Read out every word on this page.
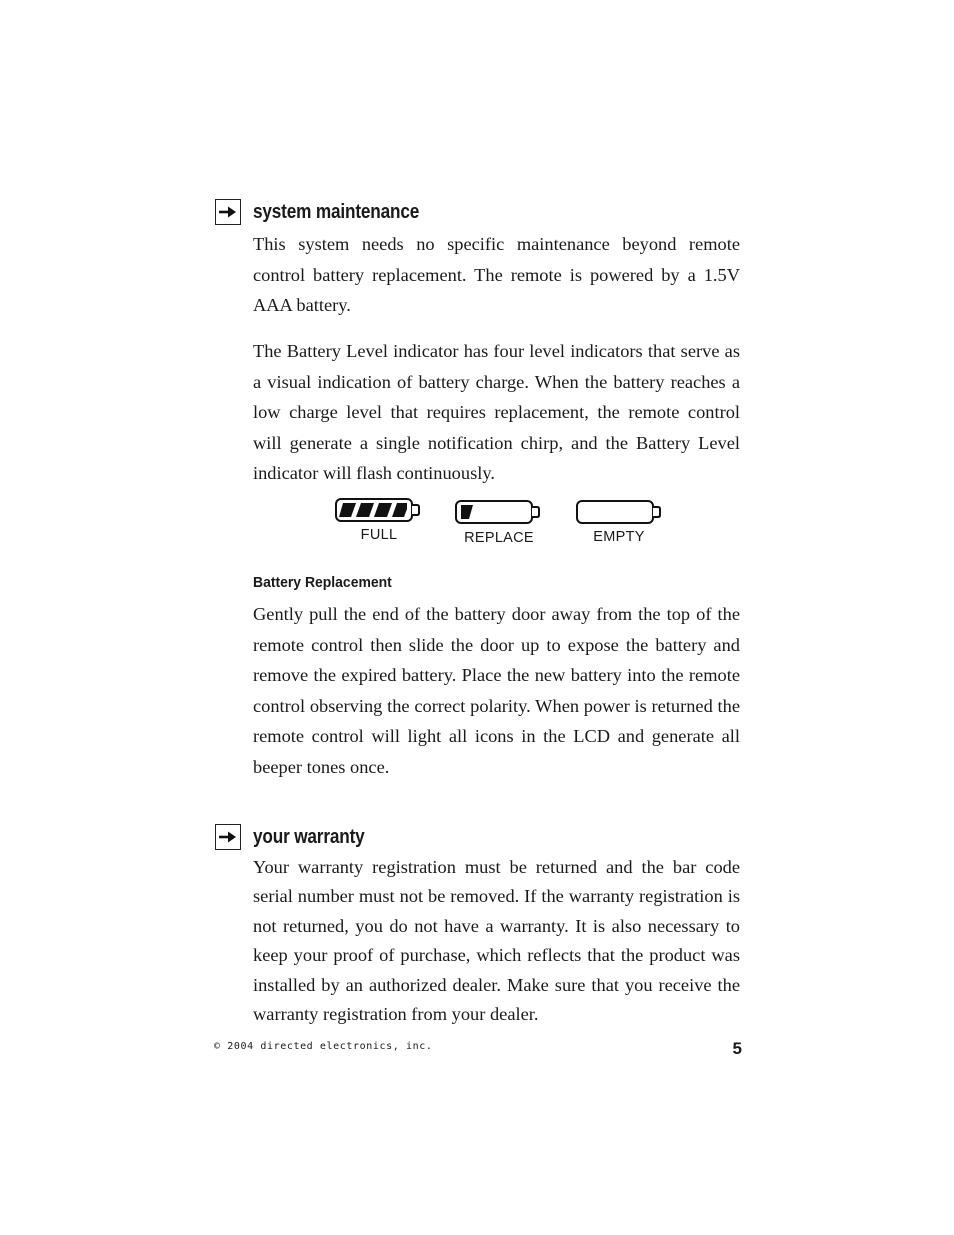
system maintenance

This system needs no specific maintenance beyond remote control battery replacement. The remote is powered by a 1.5V AAA battery.

The Battery Level indicator has four level indicators that serve as a visual indication of battery charge. When the battery reaches a low charge level that requires replacement, the remote control will generate a single notification chirp, and the Battery Level indicator will flash continuously.

FULL	REPLACE	EMPTY
Battery Replacement

Gently pull the end of the battery door away from the top of the remote control then slide the door up to expose the battery and remove the expired battery. Place the new battery into the remote control observing the correct polarity. When power is returned the remote control will light all icons in the LCD and generate all beeper tones once.

your warranty

Your warranty registration must be returned and the bar code serial number must not be removed. If the warranty registration is not returned, you do not have a warranty. It is also necessary to keep your proof of purchase, which reflects that the product was installed by an authorized dealer. Make sure that you receive the warranty registration from your dealer.

© 2004 directed electronics, inc.	5
